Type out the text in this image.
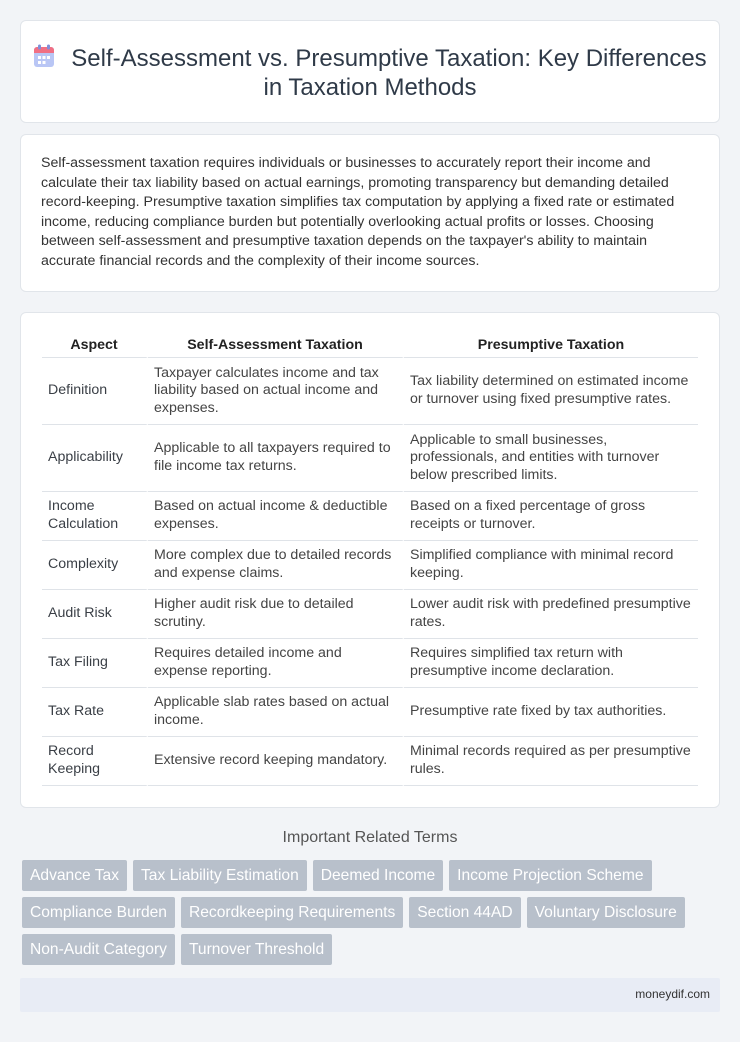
Self-Assessment vs. Presumptive Taxation: Key Differences in Taxation Methods

Self-assessment taxation requires individuals or businesses to accurately report their income and calculate their tax liability based on actual earnings, promoting transparency but demanding detailed record-keeping. Presumptive taxation simplifies tax computation by applying a fixed rate or estimated income, reducing compliance burden but potentially overlooking actual profits or losses. Choosing between self-assessment and presumptive taxation depends on the taxpayer's ability to maintain accurate financial records and the complexity of their income sources.

Aspect	Self-Assessment Taxation	Presumptive Taxation
Definition	Taxpayer calculates income and tax liability based on actual income and expenses.	Tax liability determined on estimated income or turnover using fixed presumptive rates.
Applicability	Applicable to all taxpayers required to file income tax returns.	Applicable to small businesses, professionals, and entities with turnover below prescribed limits.
Income Calculation	Based on actual income & deductible expenses.	Based on a fixed percentage of gross receipts or turnover.
Complexity	More complex due to detailed records and expense claims.	Simplified compliance with minimal record keeping.
Audit Risk	Higher audit risk due to detailed scrutiny.	Lower audit risk with predefined presumptive rates.
Tax Filing	Requires detailed income and expense reporting.	Requires simplified tax return with presumptive income declaration.
Tax Rate	Applicable slab rates based on actual income.	Presumptive rate fixed by tax authorities.
Record Keeping	Extensive record keeping mandatory.	Minimal records required as per presumptive rules.
Important Related Terms
Advance Tax	Tax Liability Estimation	Deemed Income	Income Projection Scheme
Compliance Burden	Recordkeeping Requirements	Section 44AD	Voluntary Disclosure
Non-Audit Category	Turnover Threshold
moneydif.com
